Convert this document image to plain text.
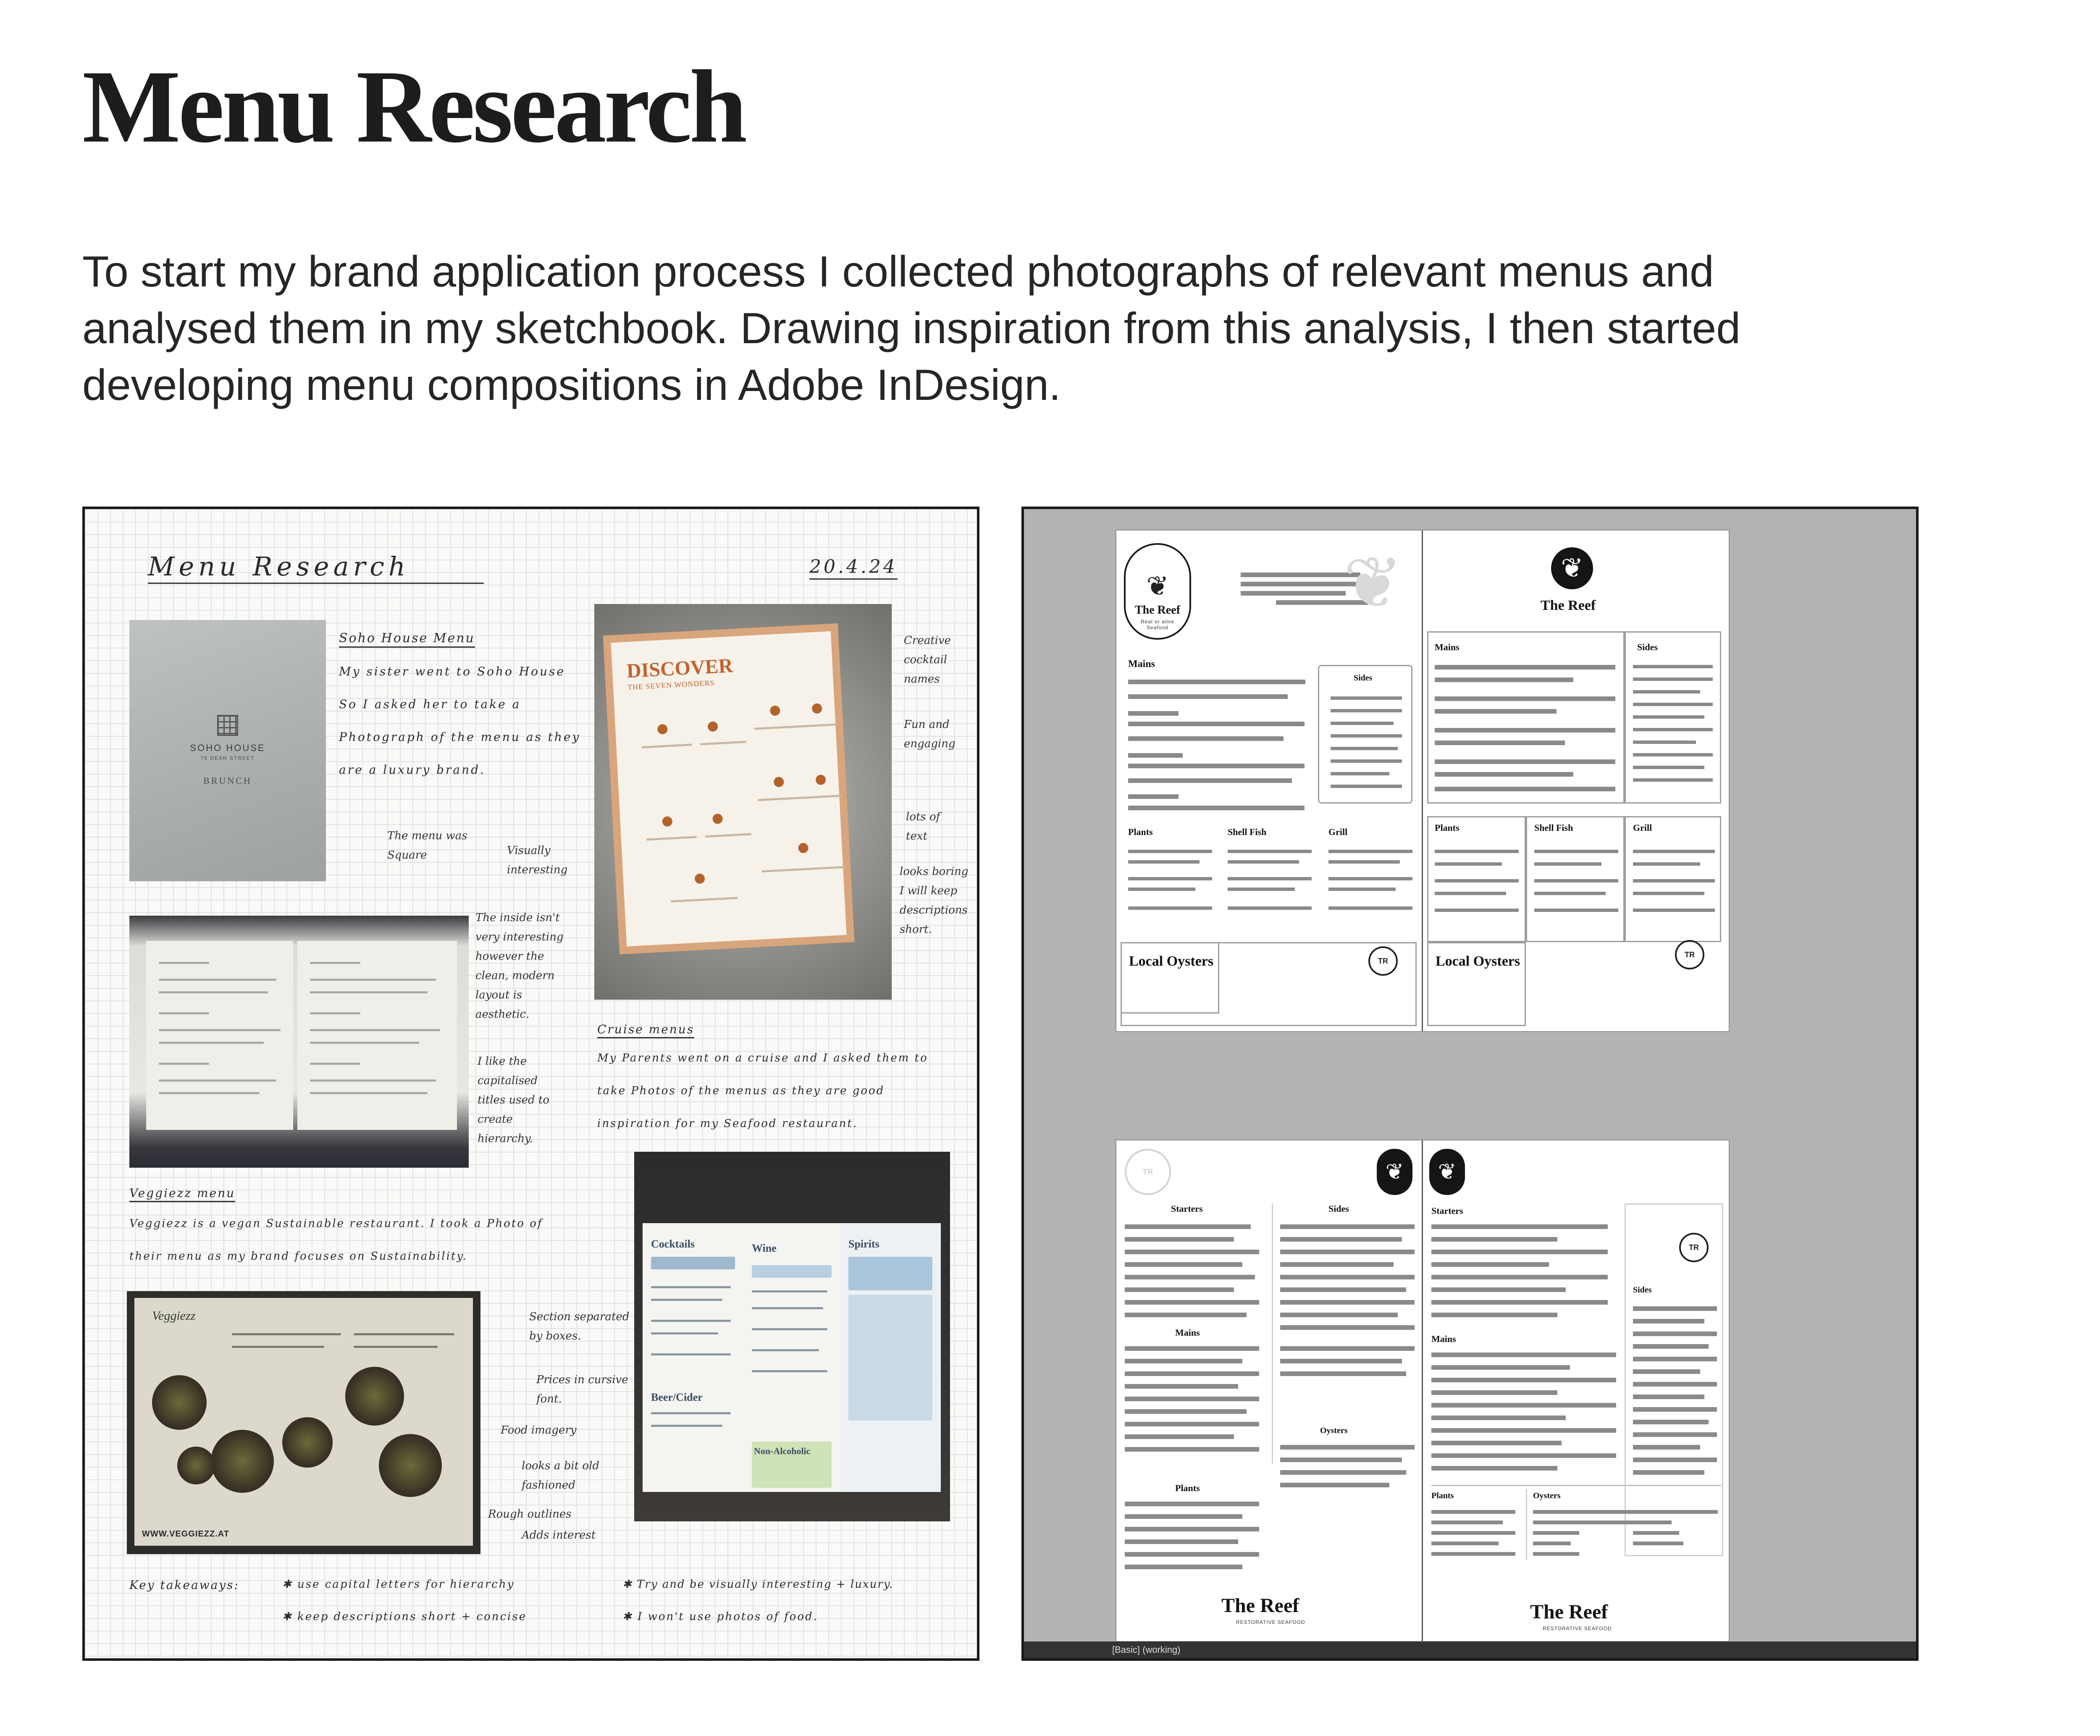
Menu Research
To start my brand application process I collected photographs of relevant menus and
analysed them in my sketchbook. Drawing inspiration from this analysis, I then started
developing menu compositions in Adobe InDesign.
Menu Research	20.4.24
SOHO HOUSE
76 DEAN STREET
BRUNCH
Soho House Menu
My sister went to Soho House
So I asked her to take a
Photograph of the menu as they
are a luxury brand.
The menu was Square	Visually interesting
The inside isn't very interesting however the clean, modern layout is aesthetic.
I like the capitalised titles used to create hierarchy.
DISCOVER
THE SEVEN WONDERS
Creative cocktail names
Fun and engaging
lots of text
looks boring I will keep descriptions short.
Cruise menus
My Parents went on a cruise and I asked them to
take Photos of the menus as they are good
inspiration for my Seafood restaurant.
Veggiezz menu
Veggiezz is a vegan Sustainable restaurant. I took a Photo of
their menu as my brand focuses on Sustainability.
Veggiezz
WWW.VEGGIEZZ.AT
Section separated by boxes.
Prices in cursive font.
Food imagery
looks a bit old fashioned
Rough outlines
Adds interest
Cocktails	Wine	Spirits
Beer/Cider
Non-Alcoholic
Key takeaways:	✱ use capital letters for hierarchy	✱ Try and be visually interesting + luxury.
✱ keep descriptions short + concise	✱ I won't use photos of food.
❦
The Reef
Real or alive Seafood
❦
Mains
Sides
Plants	Shell Fish	Grill
Local Oysters	TR
❦
The Reef
Mains	Sides
Plants	Shell Fish	Grill
Local Oysters	TR
TR	❦
Starters	Sides
Mains
Oysters
Plants
The Reef
RESTORATIVE SEAFOOD
❦
Starters
TR
Sides
Mains
Plants	Oysters
The Reef
RESTORATIVE SEAFOOD
[Basic] (working)
